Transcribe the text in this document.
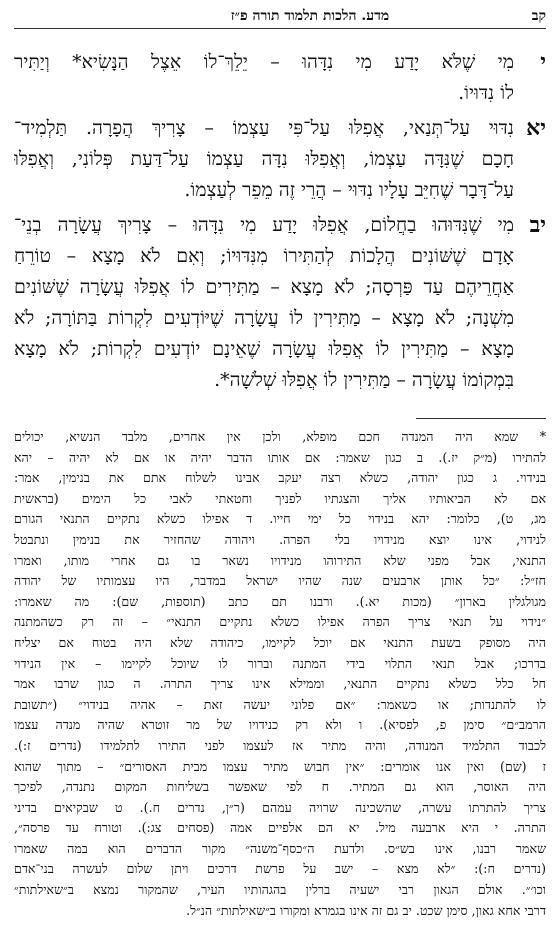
קב
מדע. הלכות תלמוד תורה פ״ז
י
מִי שֶׁלֹּא יָדַע מִי נִדָּהוּ – יֵלֵךְ־לוֹ אֵצֶל הַנָּשִׂיא* וְיַתִּיר
לוֹ נִדּוּיוֹ.
יא
נִדּוּי עַל־תְּנַאי, אֲפִלּוּ עַל־פִּי עַצְמוֹ – צָרִיךְ הֲפָרָה. תַּלְמִיד־
חָכָם שֶׁנִּדָּה עַצְמוֹ, וְאֲפִלּוּ נִדָּה עַצְמוֹ עַל־דַּעַת פְּלוֹנִי, וְאֲפִלּוּ
עַל־דָּבָר שֶׁחִיֵּב עָלָיו נִדּוּי – הֲרֵי זֶה מֵפֵר לְעַצְמוֹ.
יב
מִי שֶׁנִּדּוּהוּ בַחֲלוֹם, אֲפִלּוּ יָדַע מִי נִדָּהוּ – צָרִיךְ עֲשָׂרָה בְנֵי־
אָדָם שֶׁשּׁוֹנִים הֲלָכוֹת לְהַתִּירוֹ מִנִּדּוּיוֹ; וְאִם לֹא מָצָא – טוֹרֵחַ
אַחֲרֵיהֶם עַד פַּרְסָה; לֹא מָצָא – מַתִּירִים לוֹ אֲפִלּוּ עֲשָׂרָה שֶׁשּׁוֹנִים
מִשְׁנָה; לֹא מָצָא – מַתִּירִין לוֹ עֲשָׂרָה שֶׁיּוֹדְעִים לִקְרוֹת בַּתּוֹרָה; לֹא
מָצָא – מַתִּירִין לוֹ אֲפִלּוּ עֲשָׂרָה שֶׁאֵינָם יוֹדְעִים לִקְרוֹת; לֹא מָצָא
בִּמְקוֹמוֹ עֲשָׂרָה – מַתִּירִין לוֹ אֲפִלּוּ שְׁלֹשָׁה*.
* שמא היה המנדה חכם מופלא, ולכן אין אחרים, מלבד הנשיא, יכולים
להתירו (מ״ק יז.). ב כגון שאמר: אם אותו הדבר יהיה או אם לא יהיה – יהא
בנידוי. ג כגון יהודה, כשלא רצה יעקב אבינו לשלוח אתם את בנימין, אמר:
אם לא הביאותיו אליך והצגתיו לפניך וחטאתי לאבי כל הימים (בראשית
מג, ט), כלומר: יהא בנידוי כל ימי חייו. ד אפילו כשלא נתקיים התנאי הגורם
לנידוי, אינו יוצא מנידויו בלי הפרה. ויהודה שהחזיר את בנימין ונתבטל
התנאי, אבל מפני שלא התירוהו מנידויו נשאר בו גם אחרי מותו, ואמרו
חז״ל: ״כל אותן ארבעים שנה שהיו ישראל במדבר, היו עצמותיו של יהודה
מגולגלין בארון״ (מכות יא.). ורבנו תם כתב (תוספות, שם): מה שאמרו:
״נידוי על תנאי צריך הפרה אפילו כשלא נתקיים התנאי״ – זה רק כשהמתנה
היה מסופק בשעת התנאי אם יוכל לקיימו, כיהודה שלא היה בטוח אם יצליח
בדרכו; אבל תנאי התלוי בידי המתנה וברור לו שיוכל לקיימו – אין הנידוי
חל כלל כשלא נתקיים התנאי, וממילא אינו צריך התרה. ה כגון שרבו אמר
לו להתנדות; או כשאמר: ״אם פלוני יעשה זאת – אהיה בנידוי״ (״תשובת
הרמב״ם״ סימן פ, לפסיא). ו ולא רק כנידויו של מר זוטרא שהיה מנדה עצמו
לכבוד התלמיד המנודה, והיה מתיר אז לעצמו לפני התירו לתלמידו (נדרים ז:).
ז (שם) ואין אנו אומרים: ״אין חבוש מתיר עצמו מבית האסורים״ – מתוך שהוא
היה האוסר, הוא גם המתיר. ח לפי שאפשר בשליחות המקום נתנדה, לפיכך
צריך להתרתו עשרה, שהשכינה שרויה עמהם (ר״ן, נדרים ח.). ט שבקיאים בדיני
התרה. י היא ארבעה מיל. יא הם אלפיים אמה (פסחים צג:). וטורח עד פרסה״,
שאמר רבנו, אינו בש״ס. ולדעת ה״כסף־משנה״ מקור הדברים הוא במה שאמרו
(נדרים ח:): ״לא מצא – ישב על פרשת דרכים ויתן שלום לעשרה בני־אדם
וכו׳״. אולם הגאון רבי ישעיה ברלין בהגהותיו העיר, שהמקור נמצא ב״שאילתות״
דרבי אחא גאון, סימן שכט. יב גם זה אינו בגמרא ומקורו ב״שאילתות״ הנ״ל.
